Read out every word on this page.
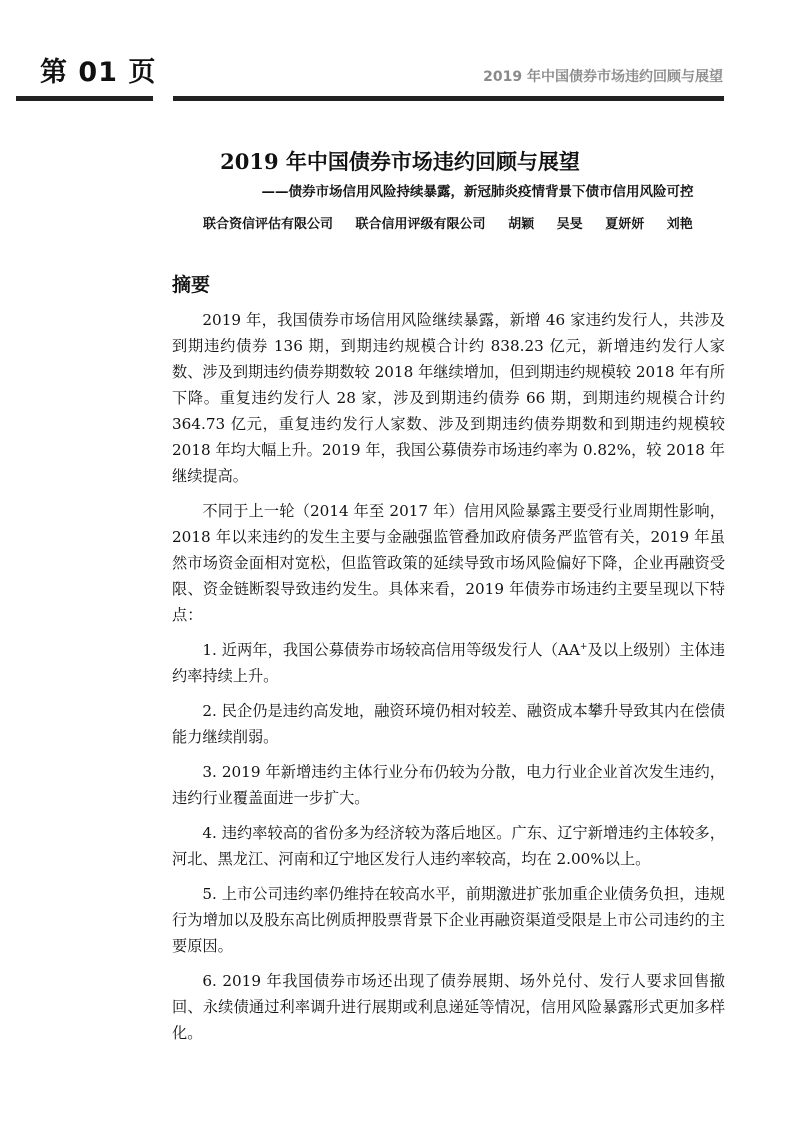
第 01 页	2019 年中国债券市场违约回顾与展望
2019 年中国债券市场违约回顾与展望
——债券市场信用风险持续暴露，新冠肺炎疫情背景下债市信用风险可控
联合资信评估有限公司 联合信用评级有限公司 胡颖 吴旻 夏妍妍 刘艳
摘要

2019 年，我国债券市场信用风险继续暴露，新增 46 家违约发行人，共涉及到期违约债券 136 期，到期违约规模合计约 838.23 亿元，新增违约发行人家数、涉及到期违约债券期数较 2018 年继续增加，但到期违约规模较 2018 年有所下降。重复违约发行人 28 家，涉及到期违约债券 66 期，到期违约规模合计约 364.73 亿元，重复违约发行人家数、涉及到期违约债券期数和到期违约规模较 2018 年均大幅上升。2019 年，我国公募债券市场违约率为 0.82%，较 2018 年继续提高。

不同于上一轮（2014 年至 2017 年）信用风险暴露主要受行业周期性影响，2018 年以来违约的发生主要与金融强监管叠加政府债务严监管有关，2019 年虽然市场资金面相对宽松，但监管政策的延续导致市场风险偏好下降，企业再融资受限、资金链断裂导致违约发生。具体来看，2019 年债券市场违约主要呈现以下特点：

1. 近两年，我国公募债券市场较高信用等级发行人（AA+及以上级别）主体违约率持续上升。

2. 民企仍是违约高发地，融资环境仍相对较差、融资成本攀升导致其内在偿债能力继续削弱。

3. 2019 年新增违约主体行业分布仍较为分散，电力行业企业首次发生违约，违约行业覆盖面进一步扩大。

4. 违约率较高的省份多为经济较为落后地区。广东、辽宁新增违约主体较多，河北、黑龙江、河南和辽宁地区发行人违约率较高，均在 2.00%以上。

5. 上市公司违约率仍维持在较高水平，前期激进扩张加重企业债务负担，违规行为增加以及股东高比例质押股票背景下企业再融资渠道受限是上市公司违约的主要原因。

6. 2019 年我国债券市场还出现了债券展期、场外兑付、发行人要求回售撤回、永续债通过利率调升进行展期或利息递延等情况，信用风险暴露形式更加多样化。
